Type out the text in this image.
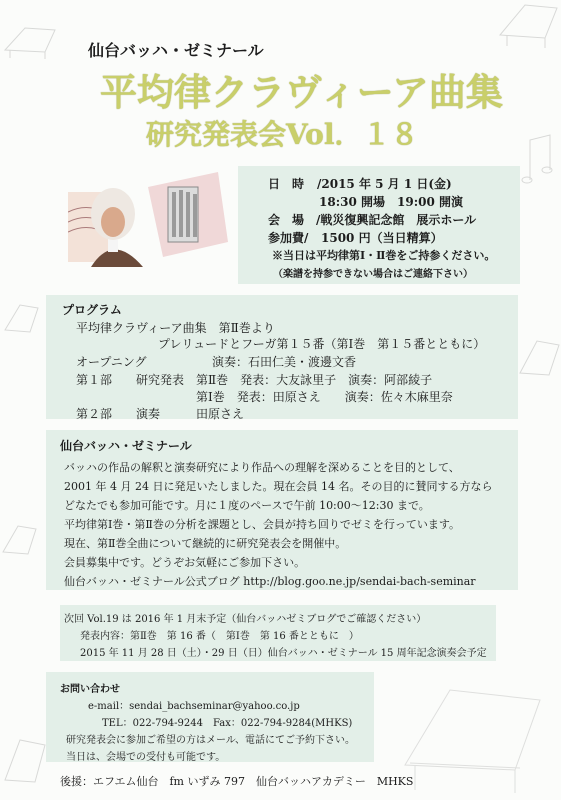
仙台バッハ・ゼミナール
平均律クラヴィーア曲集
研究発表会Vol．１８
日　時 /2015 年 5 月 1 日(金)
18:30 開場　19:00 開演
会　場 /戦災復興記念館　展示ホール
参加費/ 1500 円（当日精算）
※当日は平均律第Ⅰ・Ⅱ巻をご持参ください。
（楽譜を持参できない場合はご連絡下さい）
プログラム
平均律クラヴィーア曲集　第Ⅱ巻より
プレリュードとフーガ第１５番（第Ⅰ巻　第１５番とともに）
オープニング	演奏：石田仁美・渡邊文香
第１部　　研究発表 第Ⅱ巻　発表：大友詠里子　演奏：阿部綾子
第Ⅰ巻　発表：田原さえ　　演奏：佐々木麻里奈
第２部　　演奏	田原さえ
仙台バッハ・ゼミナール
バッハの作品の解釈と演奏研究により作品への理解を深めることを目的として、
2001 年 4 月 24 日に発足いたしました。現在会員 14 名。その目的に賛同する方なら
どなたでも参加可能です。月に１度のペースで午前 10:00～12:30 まで。
平均律第Ⅰ巻・第Ⅱ巻の分析を課題とし、会員が持ち回りでゼミを行っています。
現在、第Ⅱ巻全曲について継続的に研究発表会を開催中。
会員募集中です。どうぞお気軽にご参加下さい。
仙台バッハ・ゼミナール公式ブログ http://blog.goo.ne.jp/sendai-bach-seminar
次回 Vol.19 は 2016 年 1 月末予定（仙台バッハゼミブログでご確認ください）
発表内容：第Ⅱ巻　第 16 番（　第Ⅰ巻　第 16 番とともに　）
2015 年 11 月 28 日（土）・29 日（日）仙台バッハ・ゼミナール 15 周年記念演奏会予定
お問い合わせ
e-mail：sendai_bachseminar@yahoo.co.jp
TEL：022-794-9244　Fax：022-794-9284(MHKS)
研究発表会に参加ご希望の方はメール、電話にてご予約下さい。
当日は、会場での受付も可能です。
後援：エフエム仙台　fm いずみ 797　仙台バッハアカデミー　MHKS
